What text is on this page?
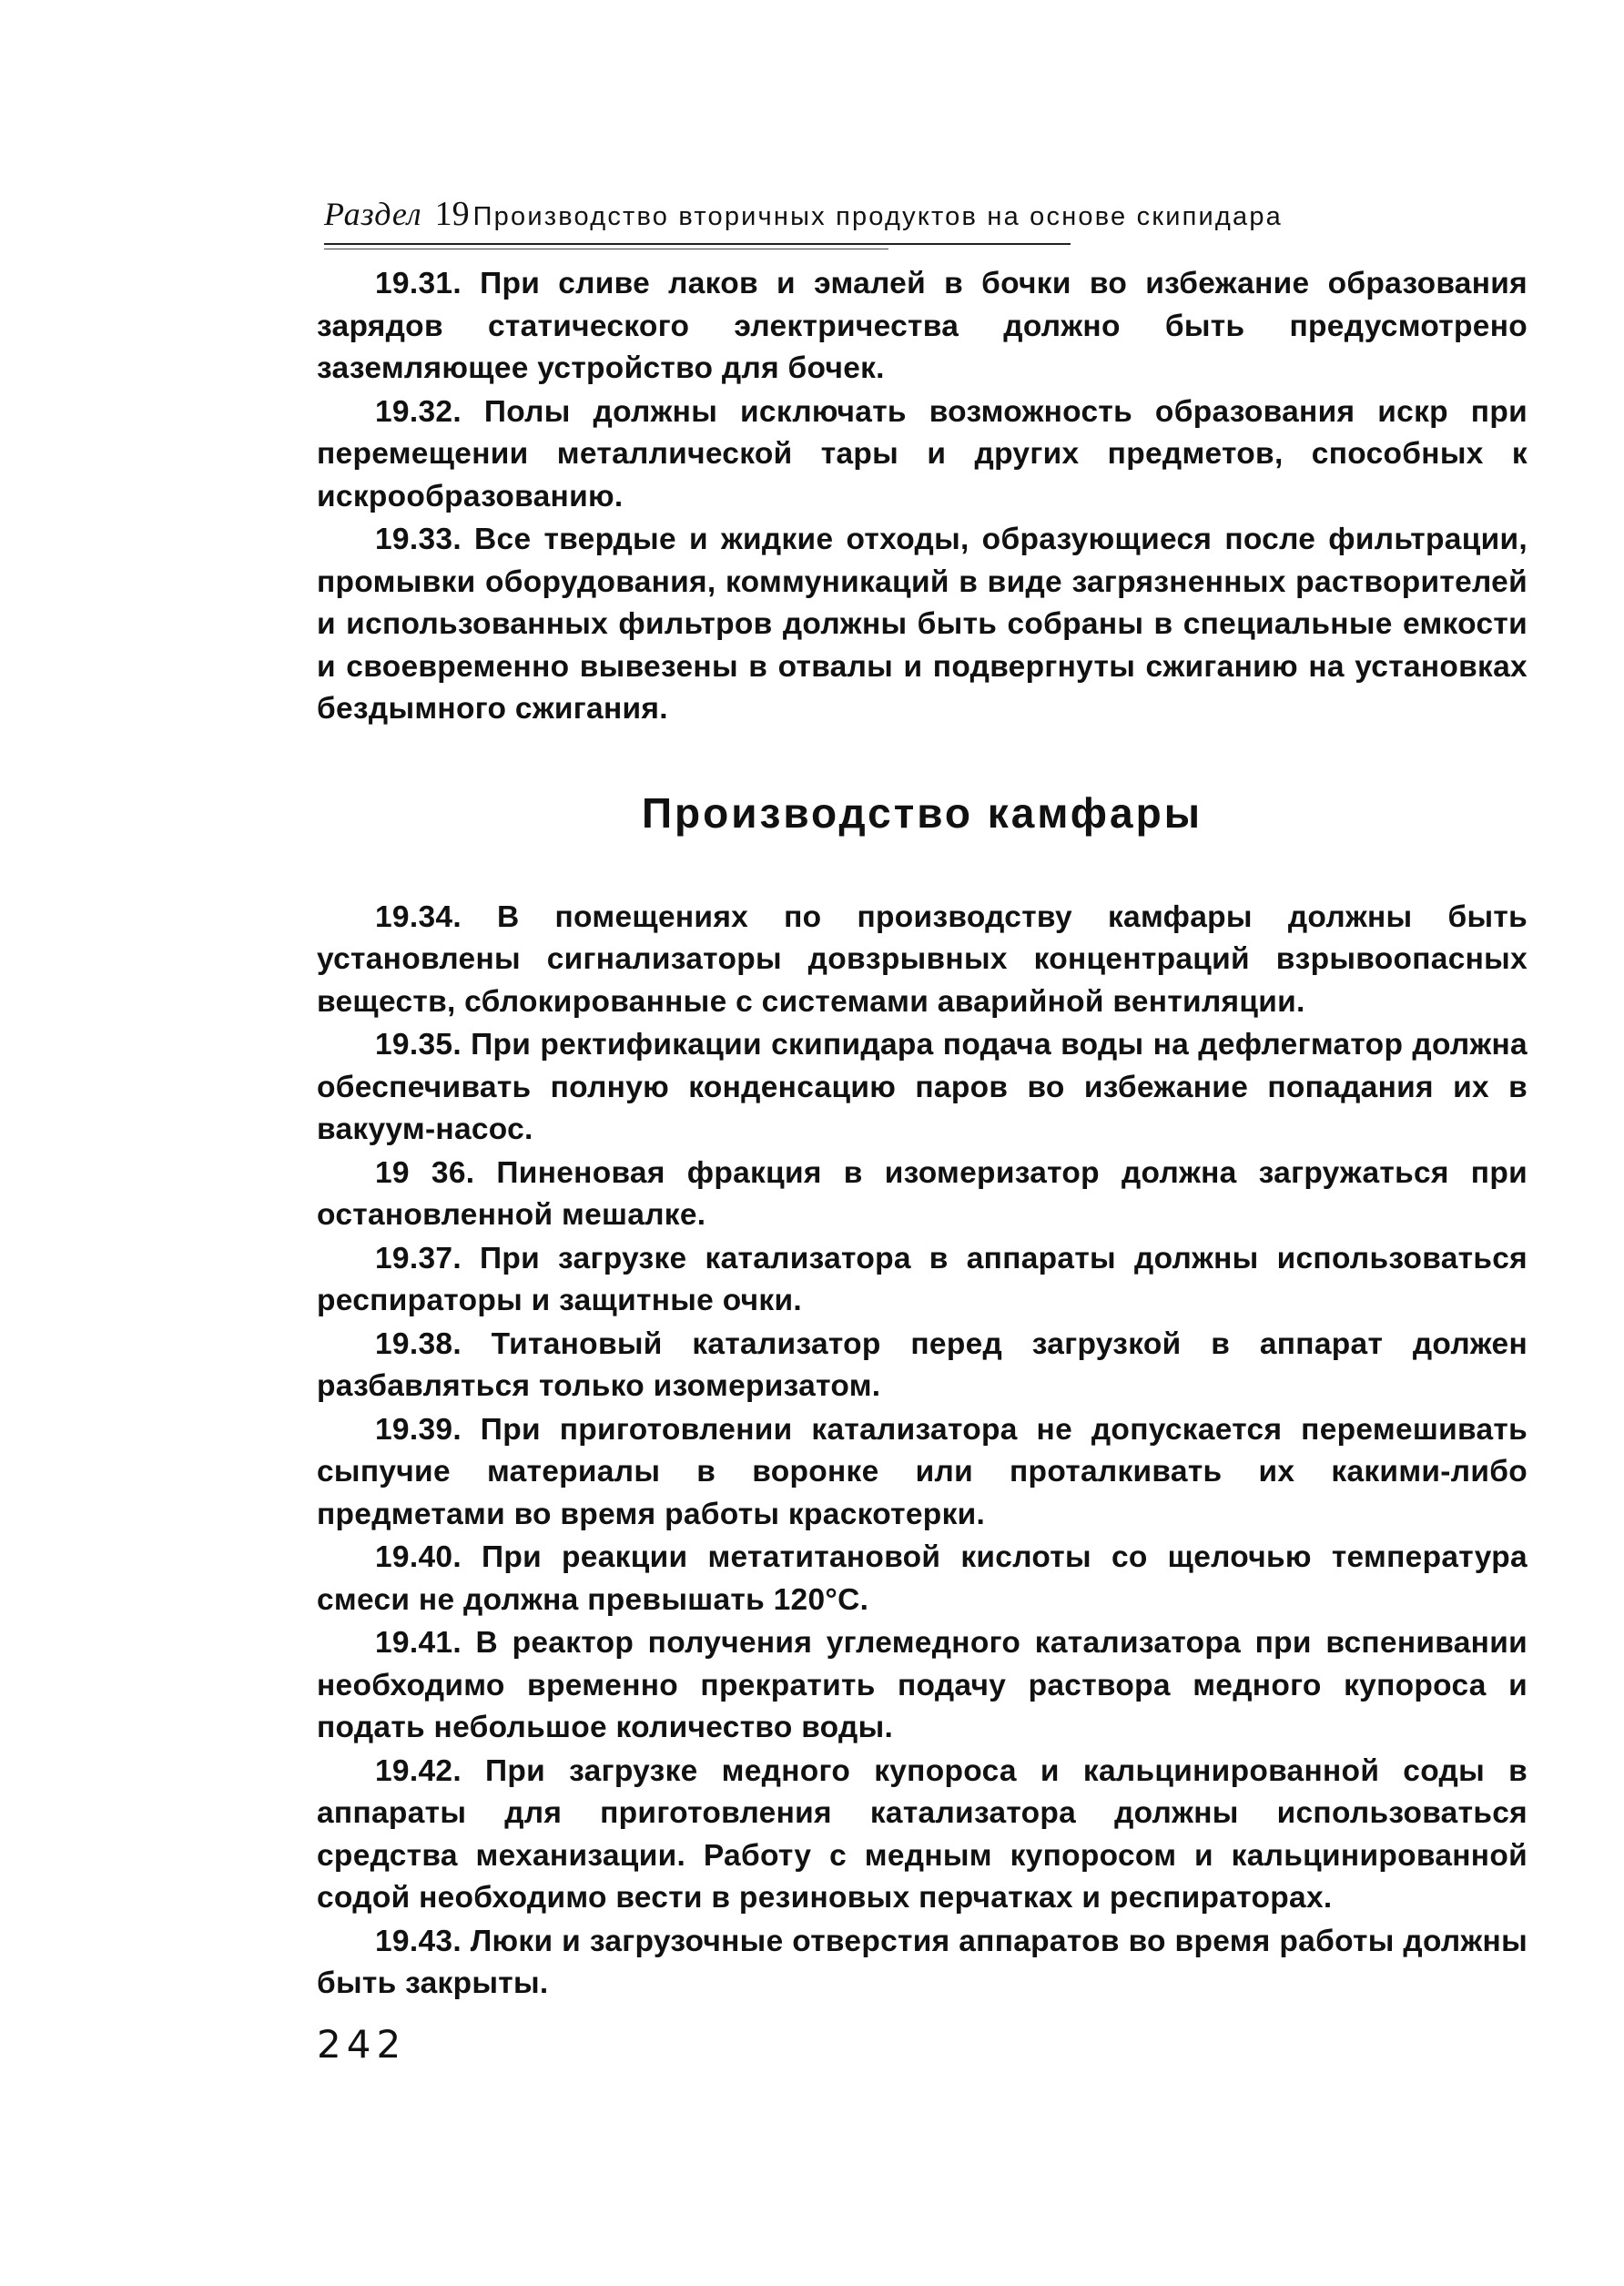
Раздел 19 Производство вторичных продуктов на основе скипидара

19.31. При сливе лаков и эмалей в бочки во избежание образования зарядов статического электричества должно быть предусмотрено заземляющее устройство для бочек.

19.32. Полы должны исключать возможность образования искр при перемещении металлической тары и других предметов, способных к искрообразованию.

19.33. Все твердые и жидкие отходы, образующиеся после фильтрации, промывки оборудования, коммуникаций в виде загрязненных растворителей и использованных фильтров должны быть собраны в специальные емкости и своевременно вывезены в отвалы и подвергнуты сжиганию на установках бездымного сжигания.

Производство камфары

19.34. В помещениях по производству камфары должны быть установлены сигнализаторы довзрывных концентраций взрывоопасных веществ, сблокированные с системами аварийной вентиляции.

19.35. При ректификации скипидара подача воды на дефлегматор должна обеспечивать полную конденсацию паров во избежание попадания их в вакуум-насос.

19 36. Пиненовая фракция в изомеризатор должна загружаться при остановленной мешалке.

19.37. При загрузке катализатора в аппараты должны использоваться респираторы и защитные очки.

19.38. Титановый катализатор перед загрузкой в аппарат должен разбавляться только изомеризатом.

19.39. При приготовлении катализатора не допускается перемешивать сыпучие материалы в воронке или проталкивать их какими-либо предметами во время работы краскотерки.

19.40. При реакции метатитановой кислоты со щелочью температура смеси не должна превышать 120°С.

19.41. В реактор получения углемедного катализатора при вспенивании необходимо временно прекратить подачу раствора медного купороса и подать небольшое количество воды.

19.42. При загрузке медного купороса и кальцинированной соды в аппараты для приготовления катализатора должны использоваться средства механизации. Работу с медным купоросом и кальцинированной содой необходимо вести в резиновых перчатках и респираторах.

19.43. Люки и загрузочные отверстия аппаратов во время работы должны быть закрыты.

242
